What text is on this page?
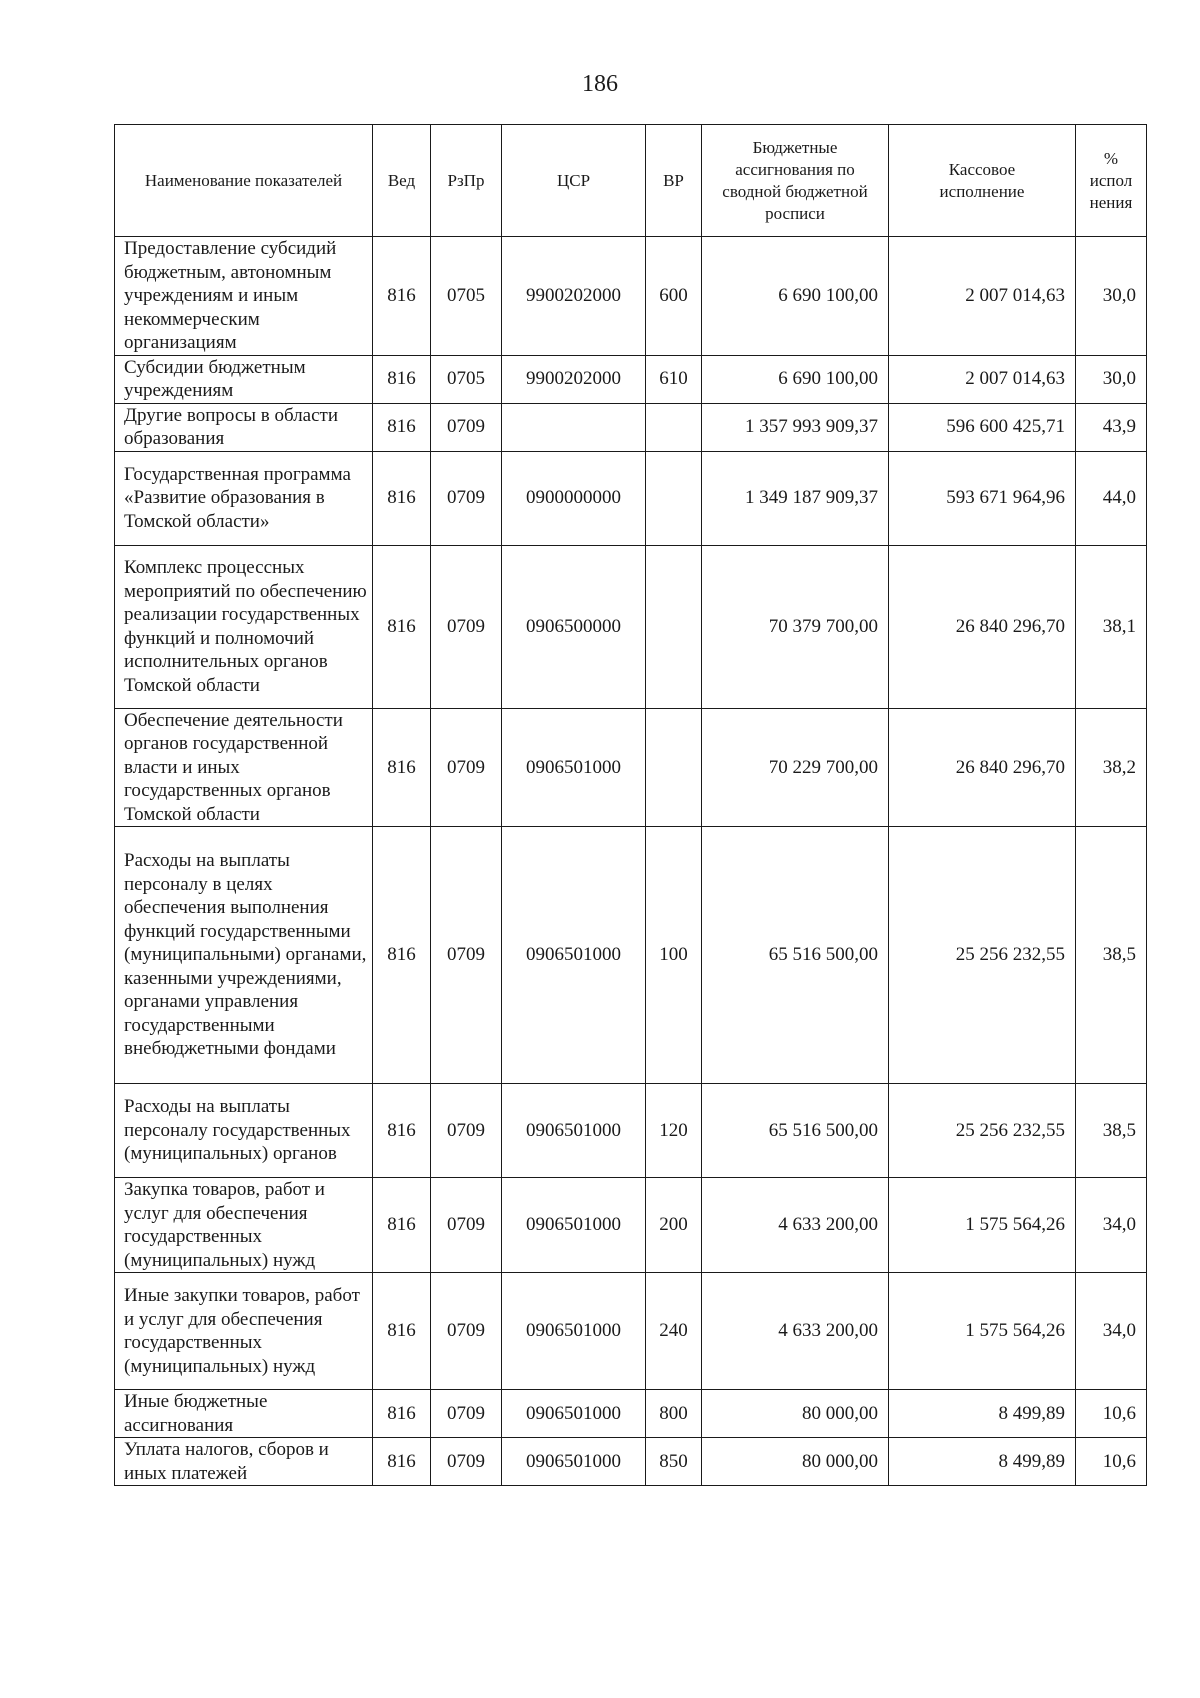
186
Наименование показателей	Вед	РзПр	ЦСР	ВР	Бюджетные ассигнования по сводной бюджетной росписи	Кассовое исполнение	% испол нения
Предоставление субсидий бюджетным, автономным учреждениям и иным некоммерческим организациям	816	0705	9900202000	600	6 690 100,00	2 007 014,63	30,0
Субсидии бюджетным учреждениям	816	0705	9900202000	610	6 690 100,00	2 007 014,63	30,0
Другие вопросы в области образования	816	0709			1 357 993 909,37	596 600 425,71	43,9
Государственная программа «Развитие образования в Томской области»	816	0709	0900000000		1 349 187 909,37	593 671 964,96	44,0
Комплекс процессных мероприятий по обеспечению реализации государственных функций и полномочий исполнительных органов Томской области	816	0709	0906500000		70 379 700,00	26 840 296,70	38,1
Обеспечение деятельности органов государственной власти и иных государственных органов Томской области	816	0709	0906501000		70 229 700,00	26 840 296,70	38,2
Расходы на выплаты персоналу в целях обеспечения выполнения функций государственными (муниципальными) органами, казенными учреждениями, органами управления государственными внебюджетными фондами	816	0709	0906501000	100	65 516 500,00	25 256 232,55	38,5
Расходы на выплаты персоналу государственных (муниципальных) органов	816	0709	0906501000	120	65 516 500,00	25 256 232,55	38,5
Закупка товаров, работ и услуг для обеспечения государственных (муниципальных) нужд	816	0709	0906501000	200	4 633 200,00	1 575 564,26	34,0
Иные закупки товаров, работ и услуг для обеспечения государственных (муниципальных) нужд	816	0709	0906501000	240	4 633 200,00	1 575 564,26	34,0
Иные бюджетные ассигнования	816	0709	0906501000	800	80 000,00	8 499,89	10,6
Уплата налогов, сборов и иных платежей	816	0709	0906501000	850	80 000,00	8 499,89	10,6
